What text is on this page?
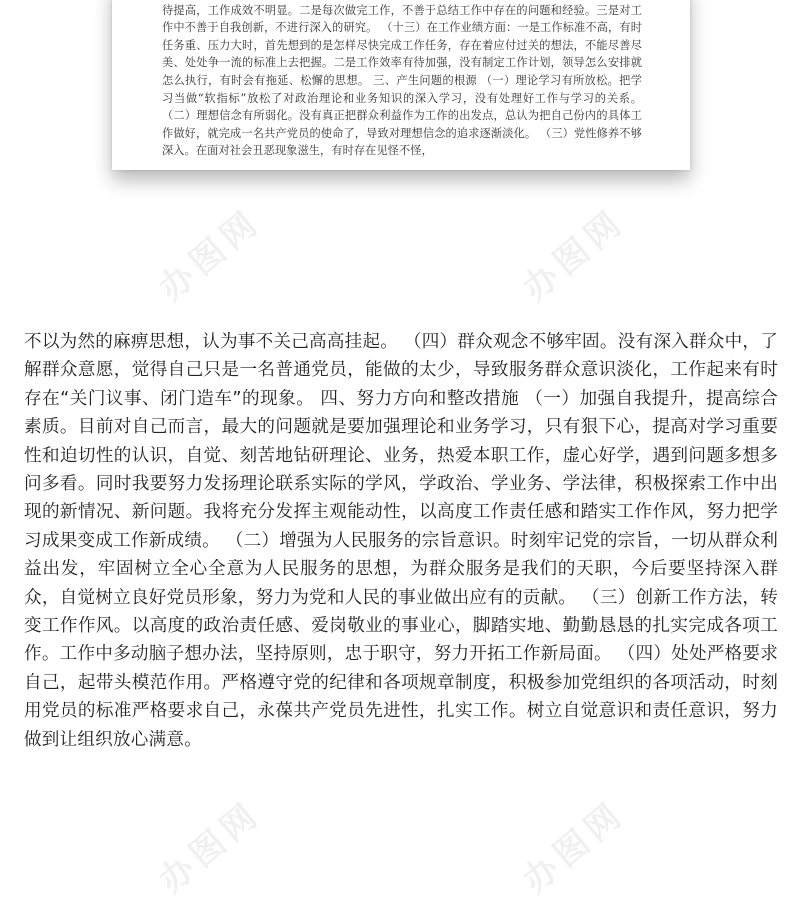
待提高，工作成效不明显。二是每次做完工作，不善于总结工作中存在的问题和经验。三是对工作中不善于自我创新，不进行深入的研究。 （十三）在工作业绩方面：一是工作标准不高，有时任务重、压力大时，首先想到的是怎样尽快完成工作任务，存在着应付过关的想法，不能尽善尽美、处处争一流的标准上去把握。二是工作效率有待加强，没有制定工作计划，领导怎么安排就怎么执行，有时会有拖延、松懈的思想。 三、产生问题的根源 （一）理论学习有所放松。把学习当做“软指标”放松了对政治理论和业务知识的深入学习，没有处理好工作与学习的关系。 （二）理想信念有所弱化。没有真正把群众利益作为工作的出发点，总认为把自己份内的具体工作做好，就完成一名共产党员的使命了，导致对理想信念的追求逐渐淡化。 （三）党性修养不够深入。在面对社会丑恶现象滋生，有时存在见怪不怪，
办图网	办图网
办图网	办图网
不以为然的麻痹思想，认为事不关己高高挂起。 （四）群众观念不够牢固。没有深入群众中，了解群众意愿，觉得自己只是一名普通党员，能做的太少，导致服务群众意识淡化，工作起来有时存在“关门议事、闭门造车”的现象。 四、努力方向和整改措施 （一）加强自我提升，提高综合素质。目前对自己而言，最大的问题就是要加强理论和业务学习，只有狠下心，提高对学习重要性和迫切性的认识，自觉、刻苦地钻研理论、业务，热爱本职工作，虚心好学，遇到问题多想多问多看。同时我要努力发扬理论联系实际的学风，学政治、学业务、学法律，积极探索工作中出现的新情况、新问题。我将充分发挥主观能动性，以高度工作责任感和踏实工作作风，努力把学习成果变成工作新成绩。 （二）增强为人民服务的宗旨意识。时刻牢记党的宗旨，一切从群众利益出发，牢固树立全心全意为人民服务的思想，为群众服务是我们的天职，今后要坚持深入群众，自觉树立良好党员形象，努力为党和人民的事业做出应有的贡献。 （三）创新工作方法，转变工作作风。以高度的政治责任感、爱岗敬业的事业心，脚踏实地、勤勤恳恳的扎实完成各项工作。工作中多动脑子想办法，坚持原则，忠于职守，努力开拓工作新局面。 （四）处处严格要求自己，起带头模范作用。严格遵守党的纪律和各项规章制度，积极参加党组织的各项活动，时刻用党员的标准严格要求自己，永葆共产党员先进性，扎实工作。树立自觉意识和责任意识，努力做到让组织放心满意。
